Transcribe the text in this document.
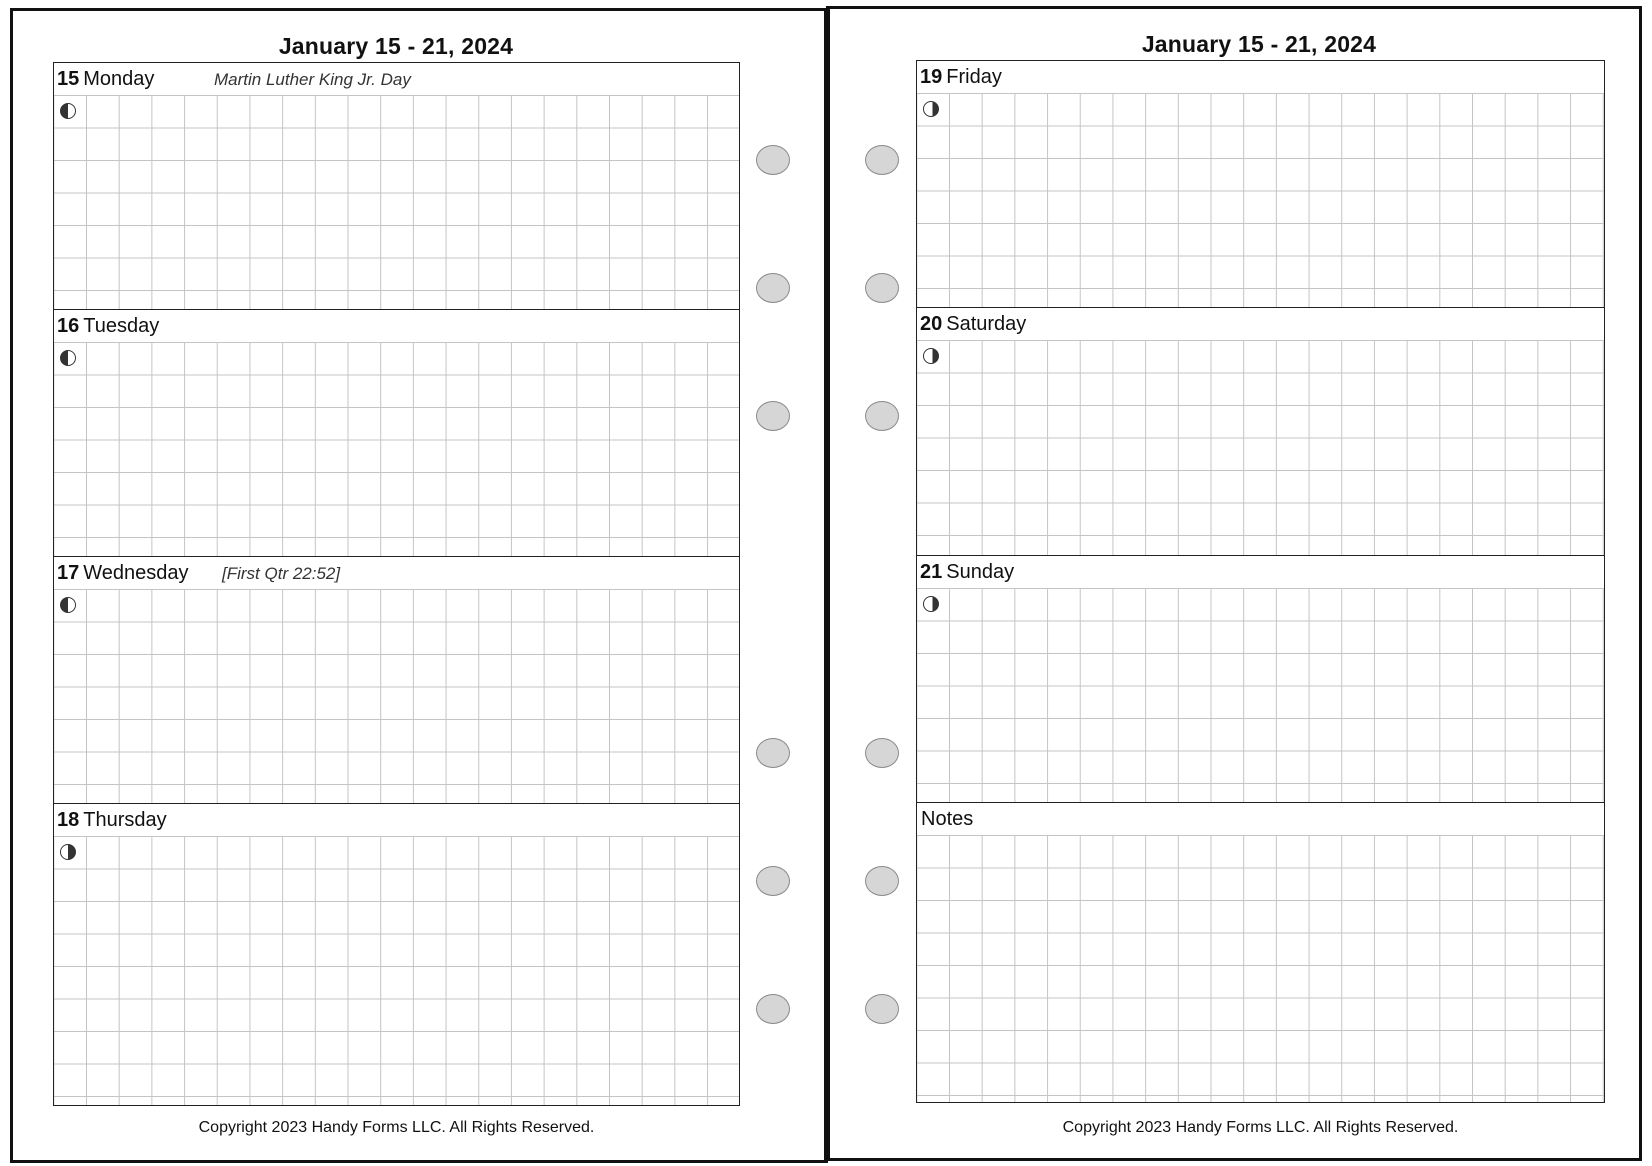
January 15 - 21, 2024
15 Monday	Martin Luther King Jr. Day
16 Tuesday
17 Wednesday [First Qtr 22:52]
18 Thursday

Copyright 2023 Handy Forms LLC. All Rights Reserved.

January 15 - 21, 2024
19 Friday
20 Saturday
21 Sunday
Notes

Copyright 2023 Handy Forms LLC. All Rights Reserved.
